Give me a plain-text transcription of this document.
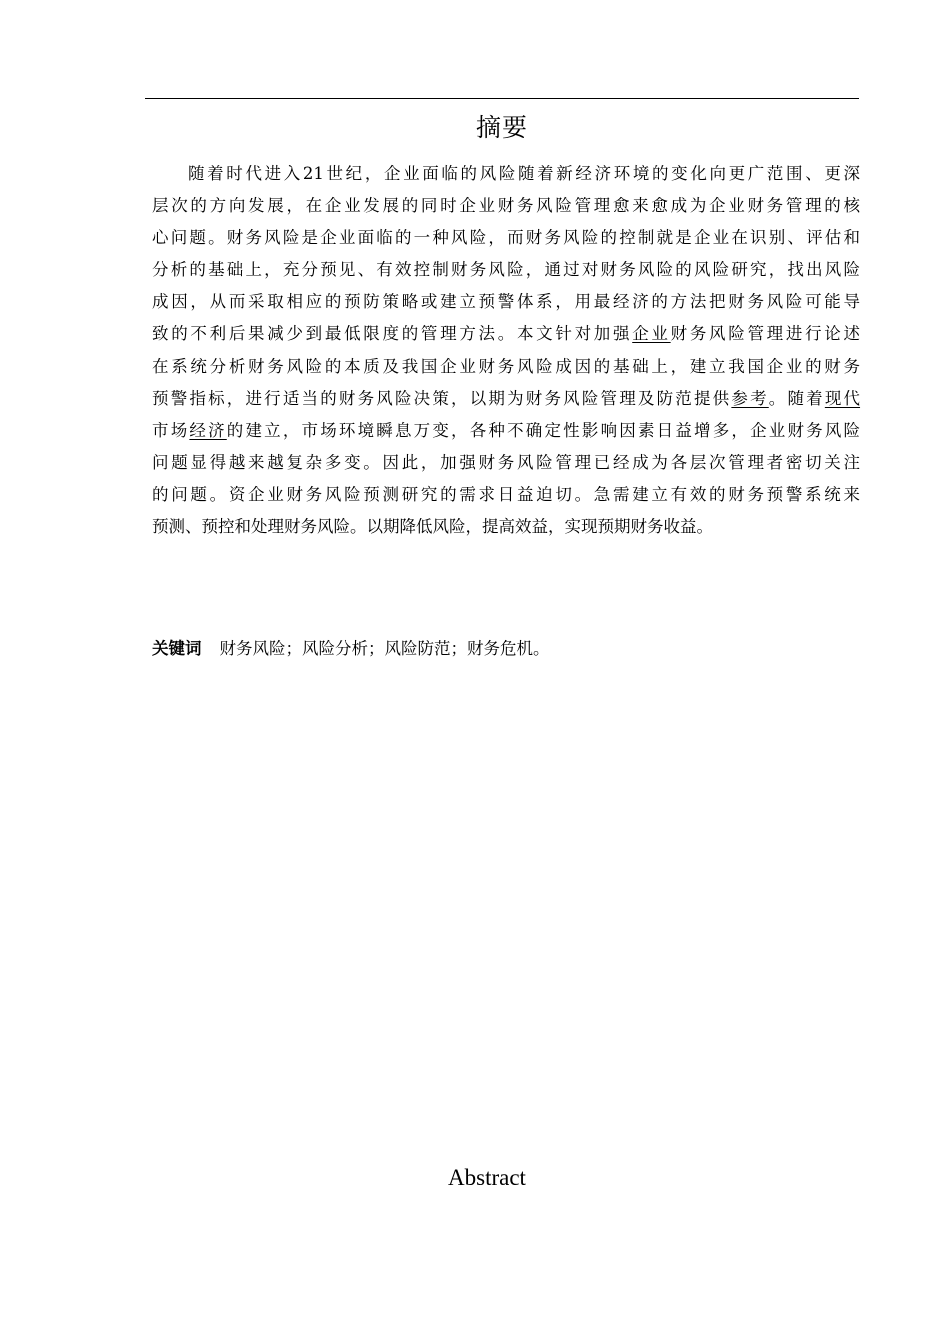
摘要
随着时代进入21世纪，企业面临的风险随着新经济环境的变化向更广范围、更深
层次的方向发展，在企业发展的同时企业财务风险管理愈来愈成为企业财务管理的核
心问题。财务风险是企业面临的一种风险，而财务风险的控制就是企业在识别、评估和
分析的基础上，充分预见、有效控制财务风险，通过对财务风险的风险研究，找出风险
成因，从而采取相应的预防策略或建立预警体系，用最经济的方法把财务风险可能导
致的不利后果减少到最低限度的管理方法。本文针对加强企业财务风险管理进行论述
在系统分析财务风险的本质及我国企业财务风险成因的基础上，建立我国企业的财务
预警指标，进行适当的财务风险决策，以期为财务风险管理及防范提供参考。随着现代
市场经济的建立，市场环境瞬息万变，各种不确定性影响因素日益增多，企业财务风险
问题显得越来越复杂多变。因此，加强财务风险管理已经成为各层次管理者密切关注
的问题。资企业财务风险预测研究的需求日益迫切。急需建立有效的财务预警系统来
预测、预控和处理财务风险。以期降低风险，提高效益，实现预期财务收益。
关键词 财务风险；风险分析；风险防范；财务危机。
Abstract
